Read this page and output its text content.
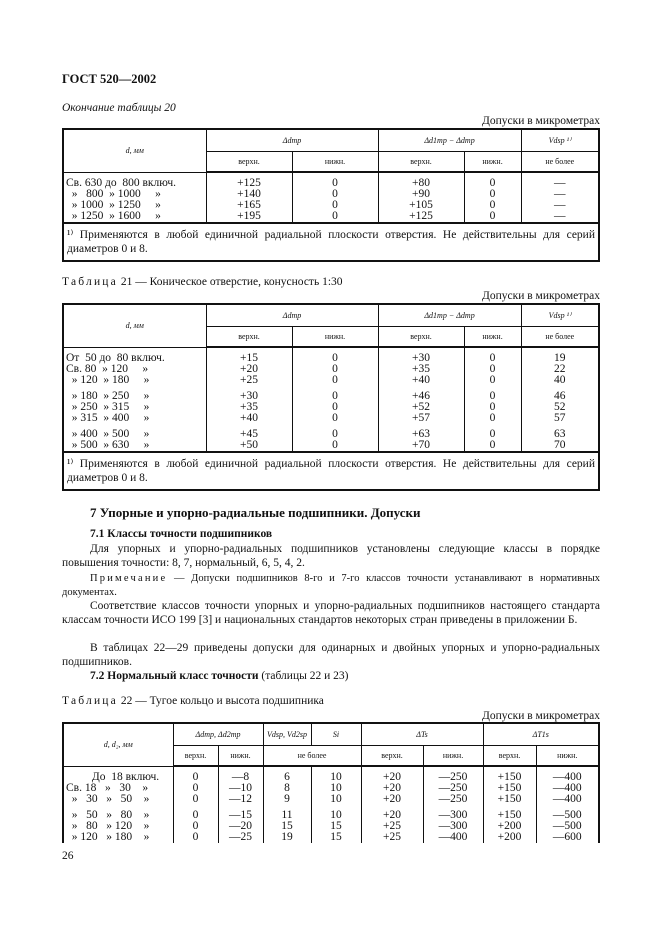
ГОСТ 520—2002
Окончание таблицы 20
Допуски в микрометрах
d, мм	Δdmp		Δd1mp − Δdmp		Vdsp ¹⁾
	верхн.	нижн.	верхн.	нижн.	не более
Св. 630 до  800 включ.	+125	0	+80	0	—
»   800  » 1000     »	+140	0	+90	0	—
» 1000  » 1250     »	+165	0	+105	0	—
» 1250  » 1600     »	+195	0	+125	0	—
¹⁾ Применяются в любой единичной радиальной плоскости отверстия. Не действительны для серий диаметров 0 и 8.					
Таблица 21 — Коническое отверстие, конусность 1:30
Допуски в микрометрах
d, мм	Δdmp		Δd1mp − Δdmp		Vdsp ¹⁾
	верхн.	нижн.	верхн.	нижн.	не более
От  50 до  80 включ.	+15	0	+30	0	19
Св. 80  » 120     »	+20	0	+35	0	22
» 120  » 180     »	+25	0	+40	0	40
» 180  » 250     »	+30	0	+46	0	46
» 250  » 315     »	+35	0	+52	0	52
» 315  » 400     »	+40	0	+57	0	57
» 400  » 500     »	+45	0	+63	0	63
» 500  » 630     »	+50	0	+70	0	70
¹⁾ Применяются в любой единичной радиальной плоскости отверстия. Не действительны для серий диаметров 0 и 8.					
7 Упорные и упорно-радиальные подшипники. Допуски
7.1 Классы точности подшипников
Для упорных и упорно-радиальных подшипников установлены следующие классы в порядке повышения точности: 8, 7, нормальный, 6, 5, 4, 2.
Примечание — Допуски подшипников 8-го и 7-го классов точности устанавливают в нормативных документах.
Соответствие классов точности упорных и упорно-радиальных подшипников настоящего стандарта классам точности ИСО 199 [3] и национальных стандартов некоторых стран приведены в приложении Б.
В таблицах 22—29 приведены допуски для одинарных и двойных упорных и упорно-радиальных подшипников.
7.2 Нормальный класс точности (таблицы 22 и 23)
Таблица 22 — Тугое кольцо и высота подшипника
Допуски в микрометрах
d, d₂, мм	Δdmp, Δd2mp		Vdsp, Vd2sp	Si	ΔTs		ΔT1s	
	верхн.	нижн.	не более		верхн.	нижн.	верхн.	нижн.
До  18 включ.	0	—8	6	10	+20	—250	+150	—400
Св. 18   »   30    »	0	—10	8	10	+20	—250	+150	—400
»   30   »   50    »	0	—12	9	10	+20	—250	+150	—400
»   50   »   80    »	0	—15	11	10	+20	—300	+150	—500
»   80   » 120    »	0	—20	15	15	+25	—300	+200	—500
» 120   » 180    »	0	—25	19	15	+25	—400	+200	—600
26
